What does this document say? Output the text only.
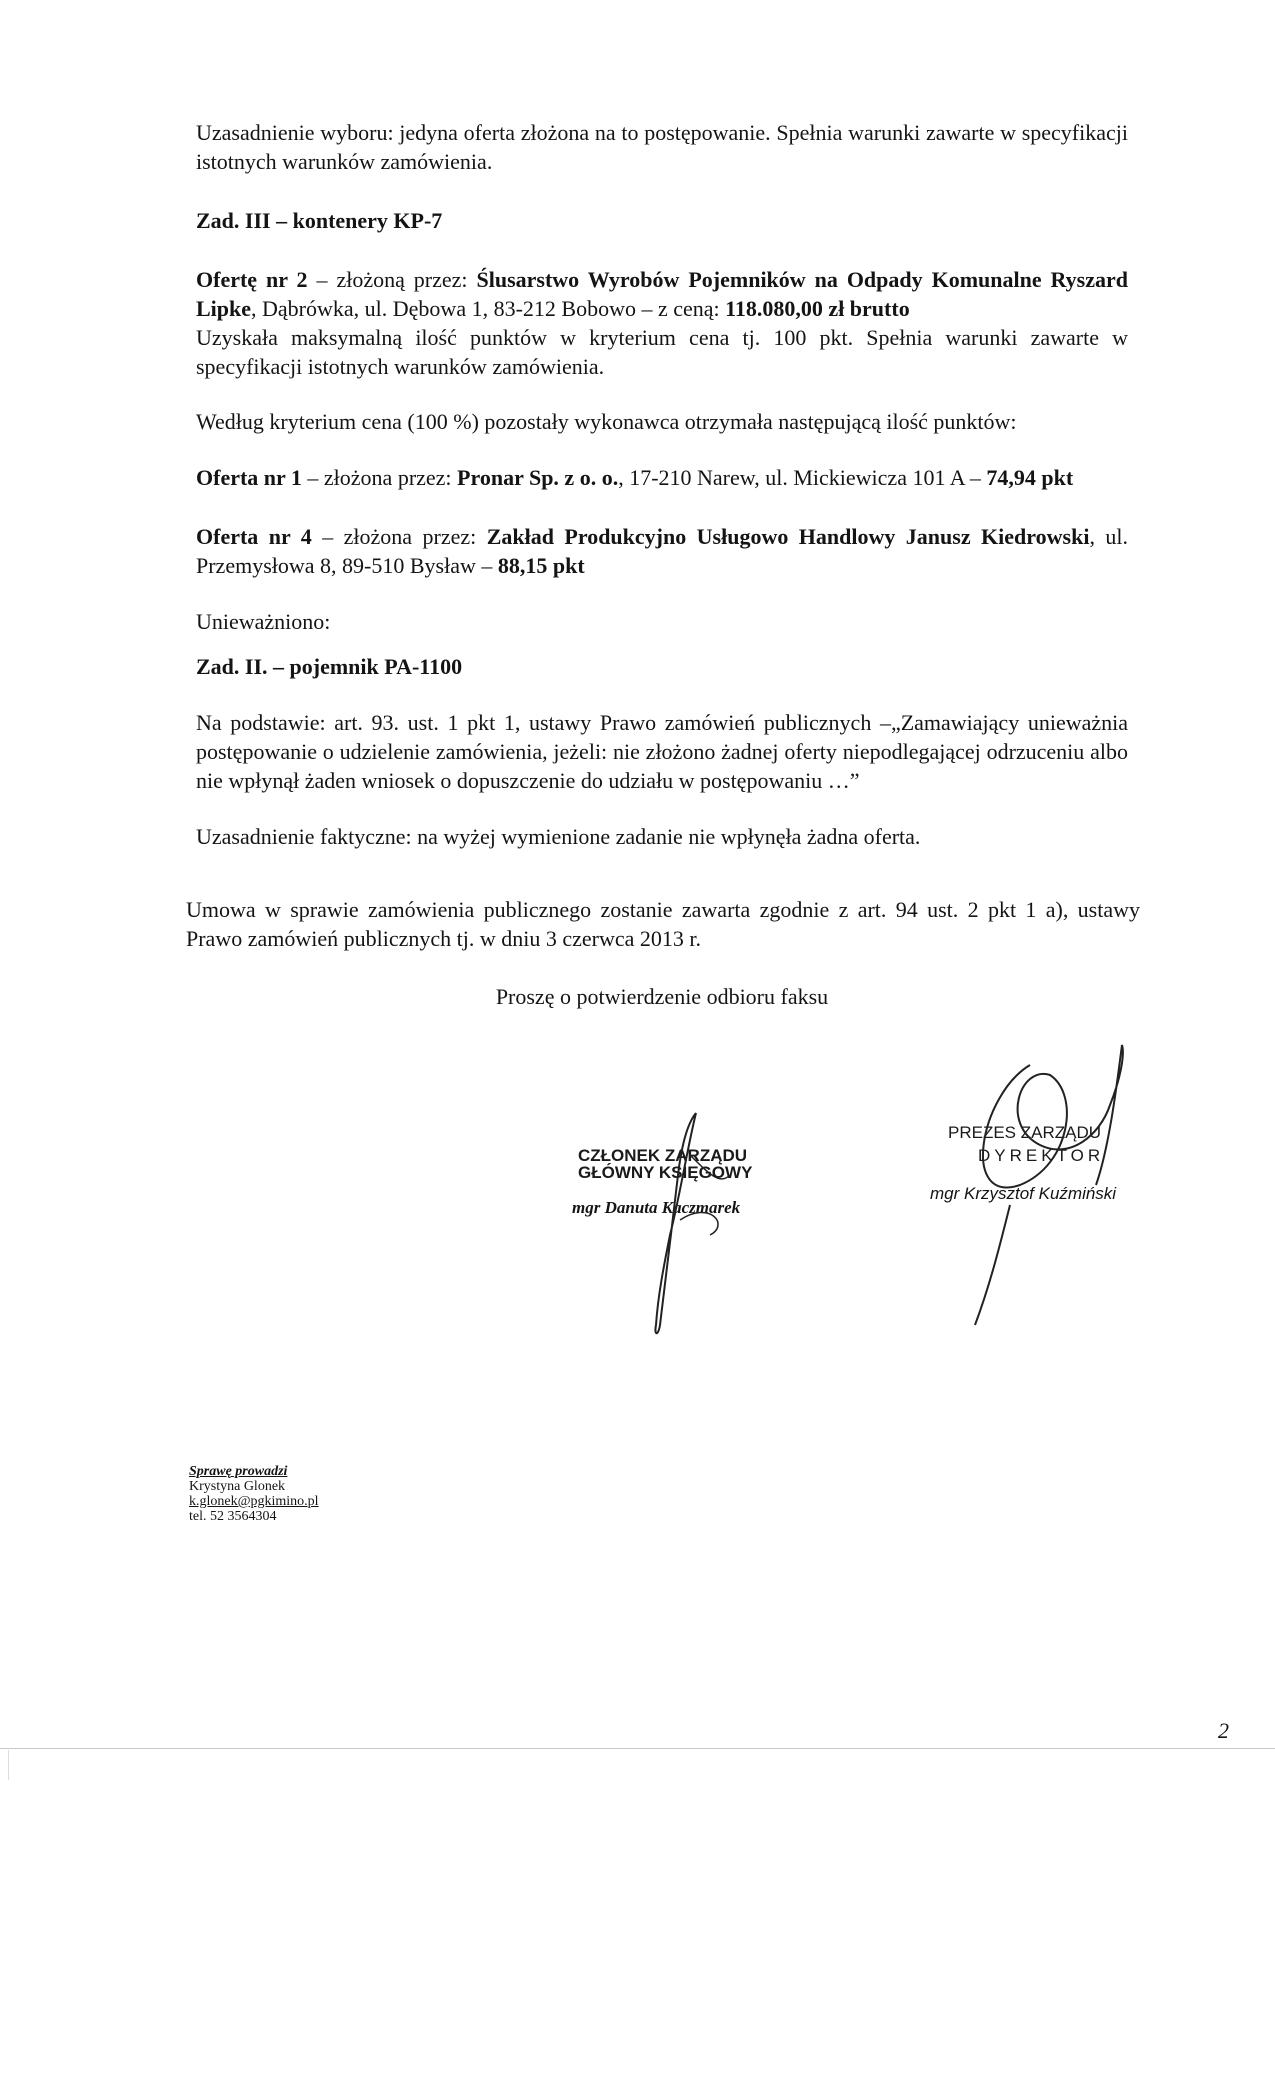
Uzasadnienie wyboru: jedyna oferta złożona na to postępowanie. Spełnia warunki zawarte w specyfikacji istotnych warunków zamówienia.

Zad. III – kontenery KP-7

Ofertę nr 2 – złożoną przez: Ślusarstwo Wyrobów Pojemników na Odpady Komunalne Ryszard Lipke, Dąbrówka, ul. Dębowa 1, 83-212 Bobowo – z ceną: 118.080,00 zł brutto
Uzyskała maksymalną ilość punktów w kryterium cena tj. 100 pkt. Spełnia warunki zawarte w specyfikacji istotnych warunków zamówienia.

Według kryterium cena (100 %) pozostały wykonawca otrzymała następującą ilość punktów:

Oferta nr 1 – złożona przez: Pronar Sp. z o. o., 17-210 Narew, ul. Mickiewicza 101 A – 74,94 pkt

Oferta nr 4 – złożona przez: Zakład Produkcyjno Usługowo Handlowy Janusz Kiedrowski, ul. Przemysłowa 8, 89-510 Bysław – 88,15 pkt

Unieważniono:

Zad. II. – pojemnik PA-1100

Na podstawie: art. 93. ust. 1 pkt 1, ustawy Prawo zamówień publicznych –„Zamawiający unieważnia postępowanie o udzielenie zamówienia, jeżeli: nie złożono żadnej oferty niepodlegającej odrzuceniu albo nie wpłynął żaden wniosek o dopuszczenie do udziału w postępowaniu …”

Uzasadnienie faktyczne: na wyżej wymienione zadanie nie wpłynęła żadna oferta.

Umowa w sprawie zamówienia publicznego zostanie zawarta zgodnie z art. 94 ust. 2 pkt 1 a), ustawy Prawo zamówień publicznych tj. w dniu 3 czerwca 2013 r.

Proszę o potwierdzenie odbioru faksu

CZŁONEK ZARZĄDU
GŁÓWNY KSIĘGOWY
mgr Danuta Kaczmarek
PREZES ZARZĄDU
DYREKTOR
mgr Krzysztof Kuźmiński
Sprawę prowadzi
Krystyna Glonek
k.glonek@pgkimino.pl
tel. 52 3564304
2
